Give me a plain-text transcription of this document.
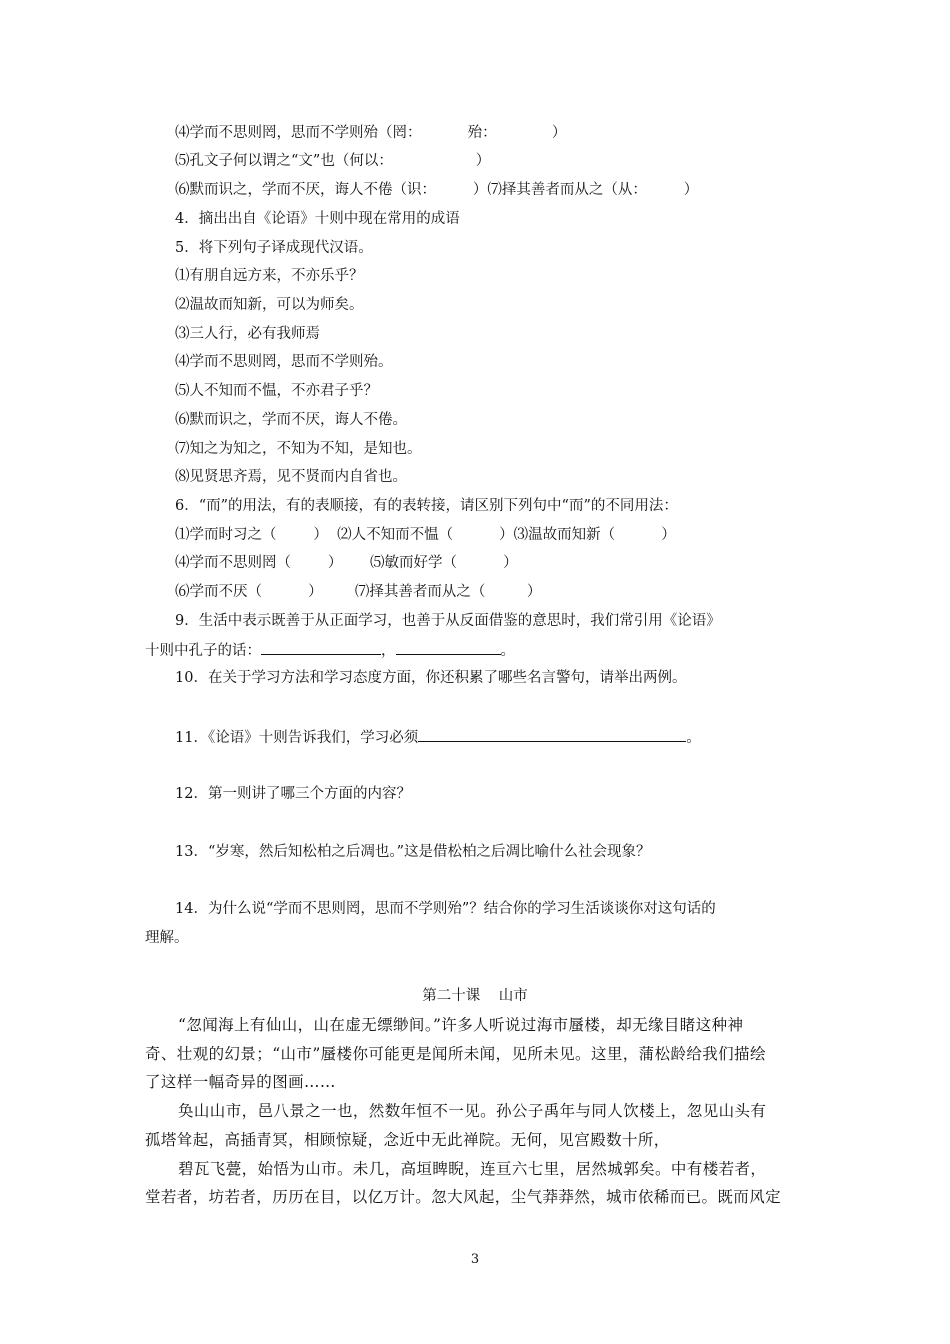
⑷学而不思则罔，思而不学则殆（罔：          殆：            ）

⑸孔文子何以谓之“文”也（何以：                  ）

⑹默而识之，学而不厌，诲人不倦（识：        ）⑺择其善者而从之（从：        ）

4．摘出出自《论语》十则中现在常用的成语

5．将下列句子译成现代汉语。

⑴有朋自远方来，不亦乐乎？

⑵温故而知新，可以为师矣。

⑶三人行，必有我师焉

⑷学而不思则罔，思而不学则殆。

⑸人不知而不愠，不亦君子乎？

⑹默而识之，学而不厌，诲人不倦。

⑺知之为知之，不知为不知，是知也。

⑻见贤思齐焉，见不贤而内自省也。

6．“而”的用法，有的表顺接，有的表转接，请区别下列句中“而”的不同用法：

⑴学而时习之（        ）  ⑵人不知而不愠（          ）⑶温故而知新（          ）

⑷学而不思则罔（        ）      ⑸敏而好学（          ）

⑹学而不厌（          ）       ⑺择其善者而从之（         ）

9．生活中表示既善于从正面学习，也善于从反面借鉴的意思时，我们常引用《论语》

十则中孔子的话：	，	。

10．在关于学习方法和学习态度方面，你还积累了哪些名言警句，请举出两例。

11．《论语》十则告诉我们，学习必须	。

12．第一则讲了哪三个方面的内容？

13．“岁寒，然后知松柏之后凋也。”这是借松柏之后凋比喻什么社会现象？

14．为什么说“学而不思则罔，思而不学则殆”？结合你的学习生活谈谈你对这句话的

理解。

第二十课    山市

“忽闻海上有仙山，山在虚无缥缈间。”许多人听说过海市蜃楼，却无缘目睹这种神

奇、壮观的幻景；“山市”蜃楼你可能更是闻所未闻，见所未见。这里，蒲松龄给我们描绘

了这样一幅奇异的图画……

奂山山市，邑八景之一也，然数年恒不一见。孙公子禹年与同人饮楼上，忽见山头有

孤塔耸起，高插青冥，相顾惊疑，念近中无此禅院。无何，见宫殿数十所，

碧瓦飞甍，始悟为山市。未几，高垣睥睨，连亘六七里，居然城郭矣。中有楼若者，

堂若者，坊若者，历历在目，以亿万计。忽大风起，尘气莽莽然，城市依稀而已。既而风定

3
